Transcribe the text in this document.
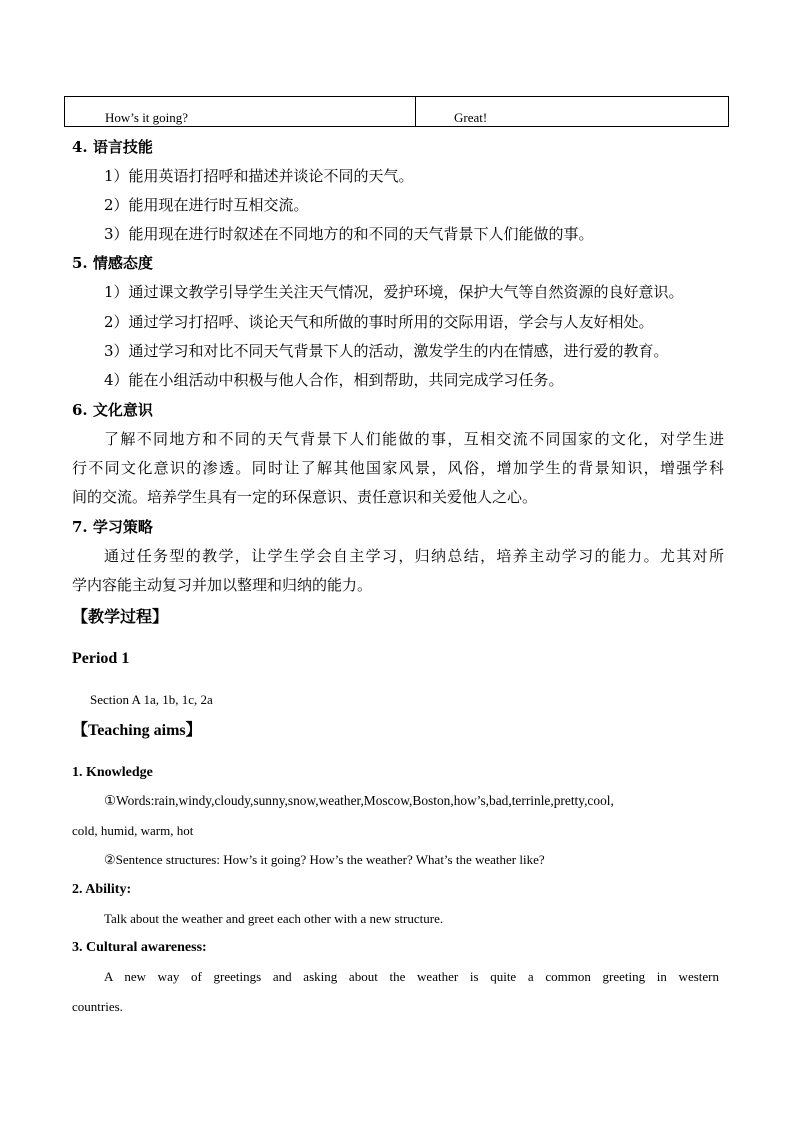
How’s it going?	Great!
4. 语言技能
1）能用英语打招呼和描述并谈论不同的天气。
2）能用现在进行时互相交流。
3）能用现在进行时叙述在不同地方的和不同的天气背景下人们能做的事。
5. 情感态度
1）通过课文教学引导学生关注天气情况，爱护环境，保护大气等自然资源的良好意识。
2）通过学习打招呼、谈论天气和所做的事时所用的交际用语，学会与人友好相处。
3）通过学习和对比不同天气背景下人的活动，激发学生的内在情感，进行爱的教育。
4）能在小组活动中积极与他人合作，相到帮助，共同完成学习任务。
6. 文化意识
了解不同地方和不同的天气背景下人们能做的事，互相交流不同国家的文化，对学生进
行不同文化意识的渗透。同时让了解其他国家风景，风俗，增加学生的背景知识，增强学科
间的交流。培养学生具有一定的环保意识、责任意识和关爱他人之心。
7. 学习策略
通过任务型的教学，让学生学会自主学习，归纳总结，培养主动学习的能力。尤其对所
学内容能主动复习并加以整理和归纳的能力。
【教学过程】
Period 1
Section A 1a, 1b, 1c, 2a
【Teaching aims】
1. Knowledge
①Words:rain,windy,cloudy,sunny,snow,weather,Moscow,Boston,how’s,bad,terrinle,pretty,cool,
cold, humid, warm, hot
②Sentence structures: How’s it going? How’s the weather? What’s the weather like?
2. Ability:
Talk about the weather and greet each other with a new structure.
3. Cultural awareness:
A new way of greetings and asking about the weather is quite a common greeting in western
countries.
